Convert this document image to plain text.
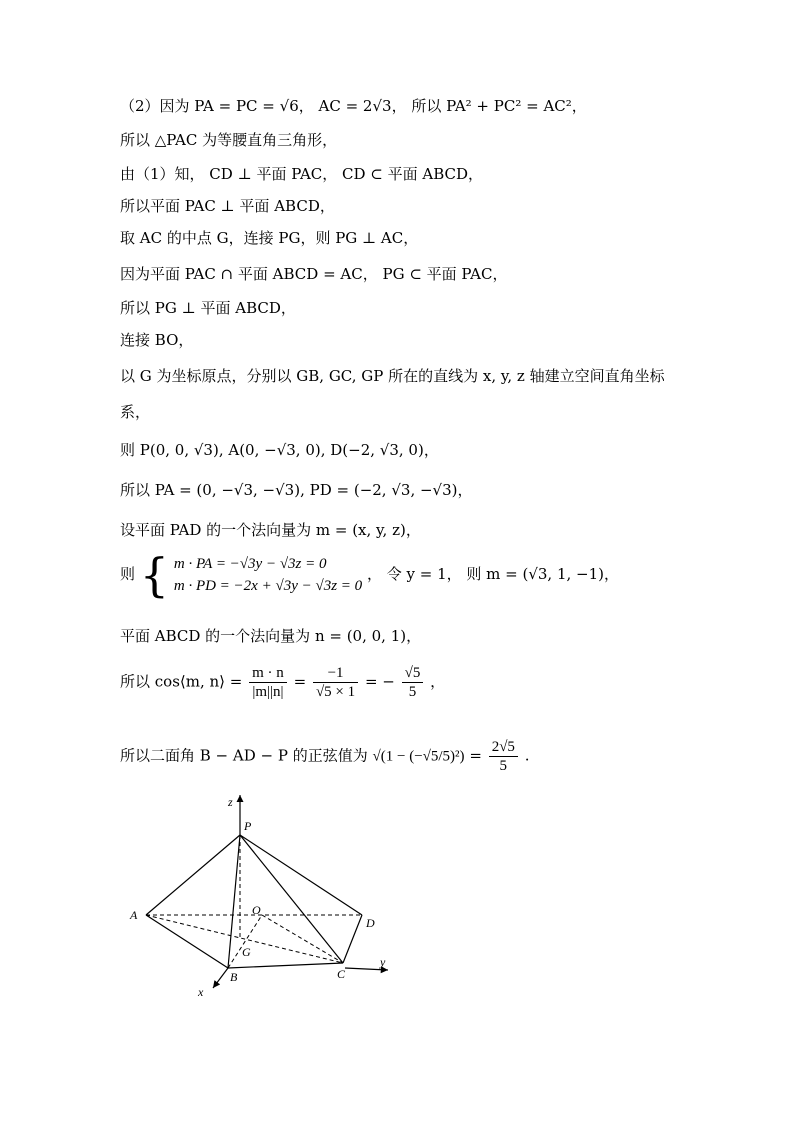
（2）因为 PA = PC = √6， AC = 2√3， 所以 PA² + PC² = AC²，
所以 △PAC 为等腰直角三角形，
由（1）知， CD ⊥ 平面 PAC， CD ⊂ 平面 ABCD，
所以平面 PAC ⊥ 平面 ABCD，
取 AC 的中点 G，连接 PG，则 PG ⊥ AC，
因为平面 PAC ∩ 平面 ABCD = AC， PG ⊂ 平面 PAC，
所以 PG ⊥ 平面 ABCD，
连接 BO，
以 G 为坐标原点，分别以 GB, GC, GP 所在的直线为 x, y, z 轴建立空间直角坐标
系，
则 P(0, 0, √3), A(0, −√3, 0), D(−2, √3, 0)，
所以 PA = (0, −√3, −√3), PD = (−2, √3, −√3)，
设平面 PAD 的一个法向量为 m = (x, y, z)，
则 { m · PA = −√3y − √3z = 0
m · PD = −2x + √3y − √3z = 0
， 令 y = 1， 则 m = (√3, 1, −1)，
平面 ABCD 的一个法向量为 n = (0, 0, 1)，
所以 cos⟨m, n⟩ = $\frac{m \cdot n}{|m||n|} = \frac{-1}{√5 \times 1}$ = − $\frac{√5}{5}$ ，
所以二面角 B − AD − P 的正弦值为 $√(1 - (-√5/5)^2) = \frac{2√5}{5}$ .
z
P
A	O
D
G
B	C
x
y
